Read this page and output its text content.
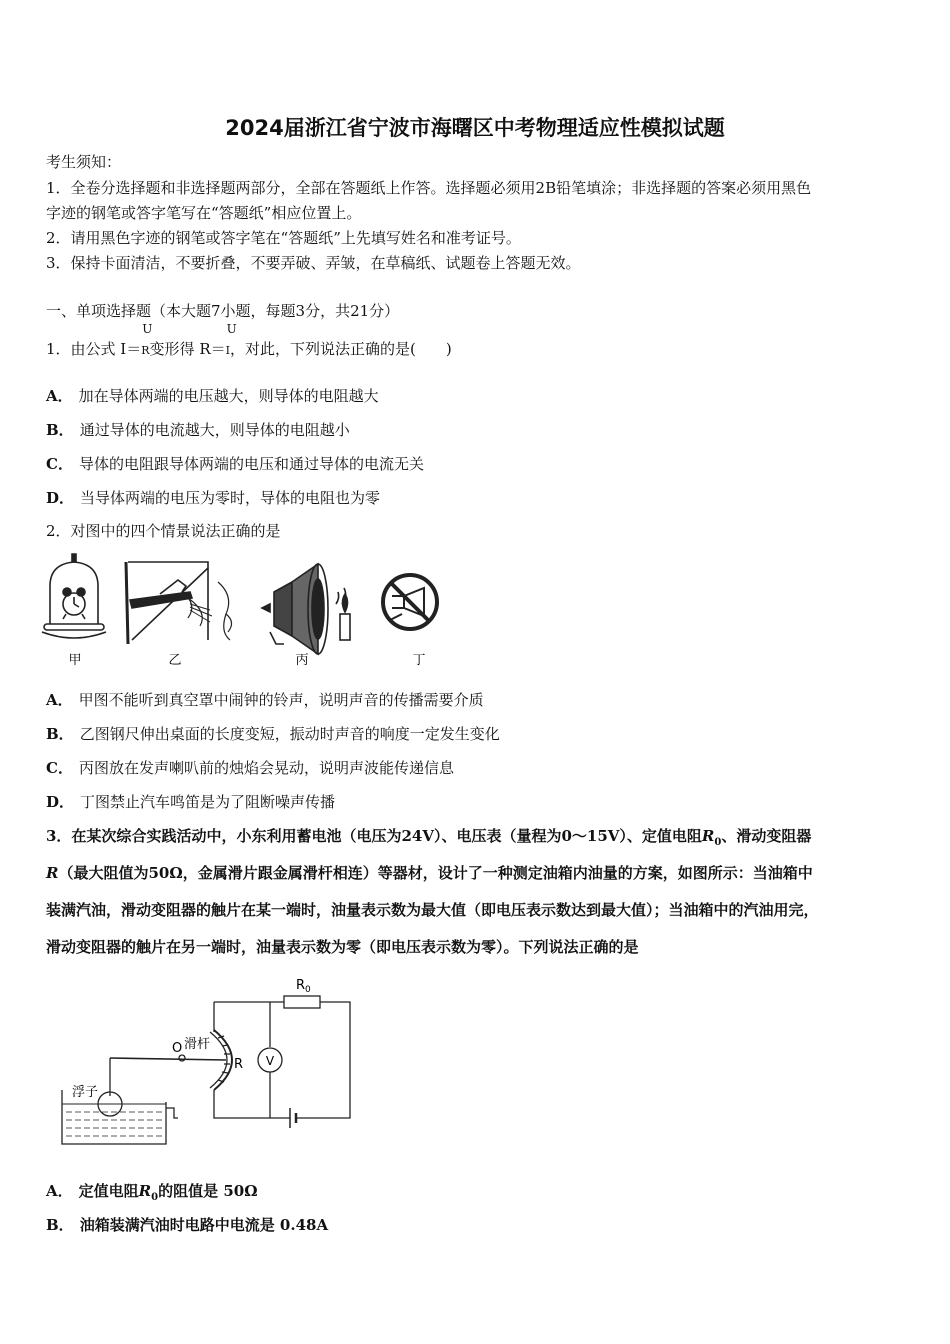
2024届浙江省宁波市海曙区中考物理适应性模拟试题
考生须知：
1．全卷分选择题和非选择题两部分，全部在答题纸上作答。选择题必须用2B铅笔填涂；非选择题的答案必须用黑色
字迹的钢笔或答字笔写在“答题纸”相应位置上。
2．请用黑色字迹的钢笔或答字笔在“答题纸”上先填写姓名和准考证号。
3．保持卡面清洁，不要折叠，不要弄破、弄皱，在草稿纸、试题卷上答题无效。
一、单项选择题（本大题7小题，每题3分，共21分）
1．由公式 I＝
U
R变形得 R＝
U
I，对此，下列说法正确的是(　　)
A． 加在导体两端的电压越大，则导体的电阻越大
B． 通过导体的电流越大，则导体的电阻越小
C． 导体的电阻跟导体两端的电压和通过导体的电流无关
D． 当导体两端的电压为零时，导体的电阻也为零
2．对图中的四个情景说法正确的是
甲	乙	丙	丁
A． 甲图不能听到真空罩中闹钟的铃声，说明声音的传播需要介质
B． 乙图钢尺伸出桌面的长度变短，振动时声音的响度一定发生变化
C． 丙图放在发声喇叭前的烛焰会晃动，说明声波能传递信息
D． 丁图禁止汽车鸣笛是为了阻断噪声传播
3．在某次综合实践活动中，小东利用蓄电池（电压为24V）、电压表（量程为0～15V）、定值电阻$R_0$、滑动变阻器
R（最大阻值为50Ω，金属滑片跟金属滑杆相连）等器材，设计了一种测定油箱内油量的方案，如图所示：当油箱中
装满汽油，滑动变阻器的触片在某一端时，油量表示数为最大值（即电压表示数达到最大值）；当油箱中的汽油用完，
滑动变阻器的触片在另一端时，油量表示数为零（即电压表示数为零）。下列说法正确的是
$R_0$
O 滑杆
R V
浮子
A． 定值电阻$R_0$的阻值是 50Ω
B． 油箱装满汽油时电路中电流是 0.48A
